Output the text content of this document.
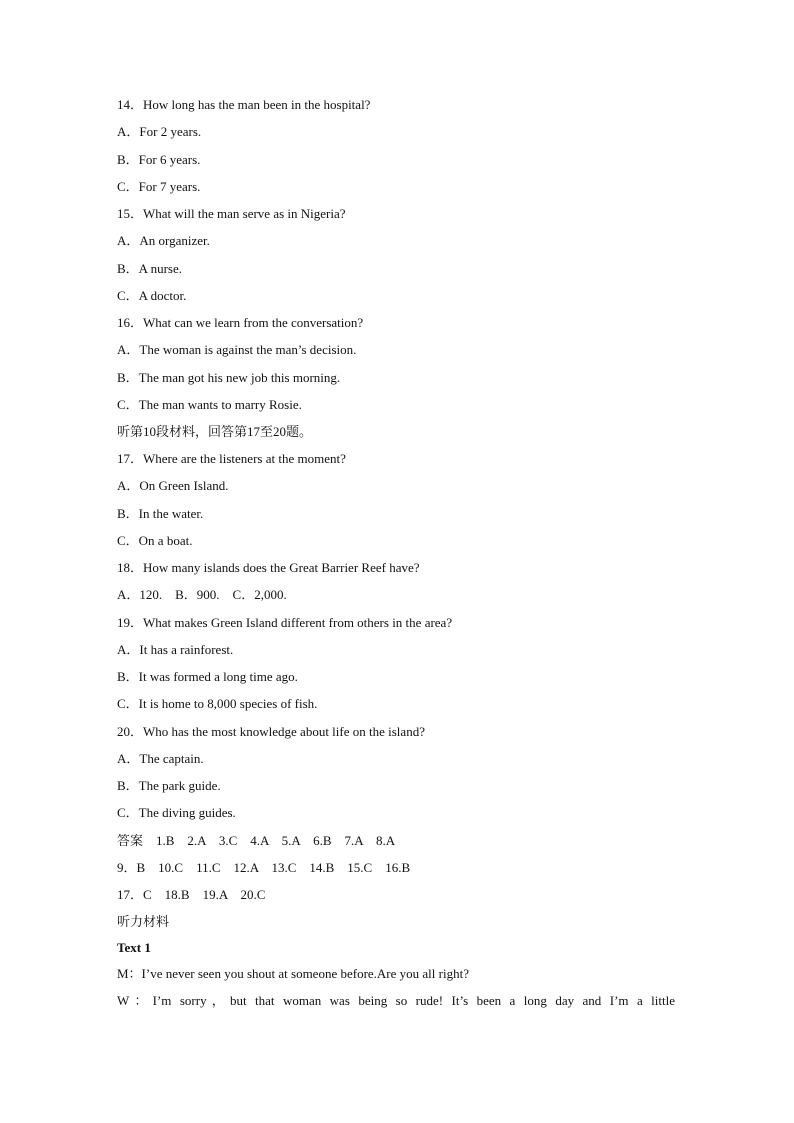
14．How long has the man been in the hospital?
A．For 2 years.
B．For 6 years.
C．For 7 years.
15．What will the man serve as in Nigeria?
A．An organizer.
B．A nurse.
C．A doctor.
16．What can we learn from the conversation?
A．The woman is against the man’s decision.
B．The man got his new job this morning.
C．The man wants to marry Rosie.
听第10段材料，回答第17至20题。
17．Where are the listeners at the moment?
A．On Green Island.
B．In the water.
C．On a boat.
18．How many islands does the Great Barrier Reef have?
A．120.　B．900.　C．2,000.
19．What makes Green Island different from others in the area?
A．It has a rainforest.
B．It was formed a long time ago.
C．It is home to 8,000 species of fish.
20．Who has the most knowledge about life on the island?
A．The captain.
B．The park guide.
C．The diving guides.
答案　1.B　2.A　3.C　4.A　5.A　6.B　7.A　8.A
9．B　10.C　11.C　12.A　13.C　14.B　15.C　16.B
17．C　18.B　19.A　20.C
听力材料
Text 1
M：I’ve never seen you shout at someone before.Are you all right?
W：I’m sorry，but that woman was being so rude! It’s been a long day and I’m a little
